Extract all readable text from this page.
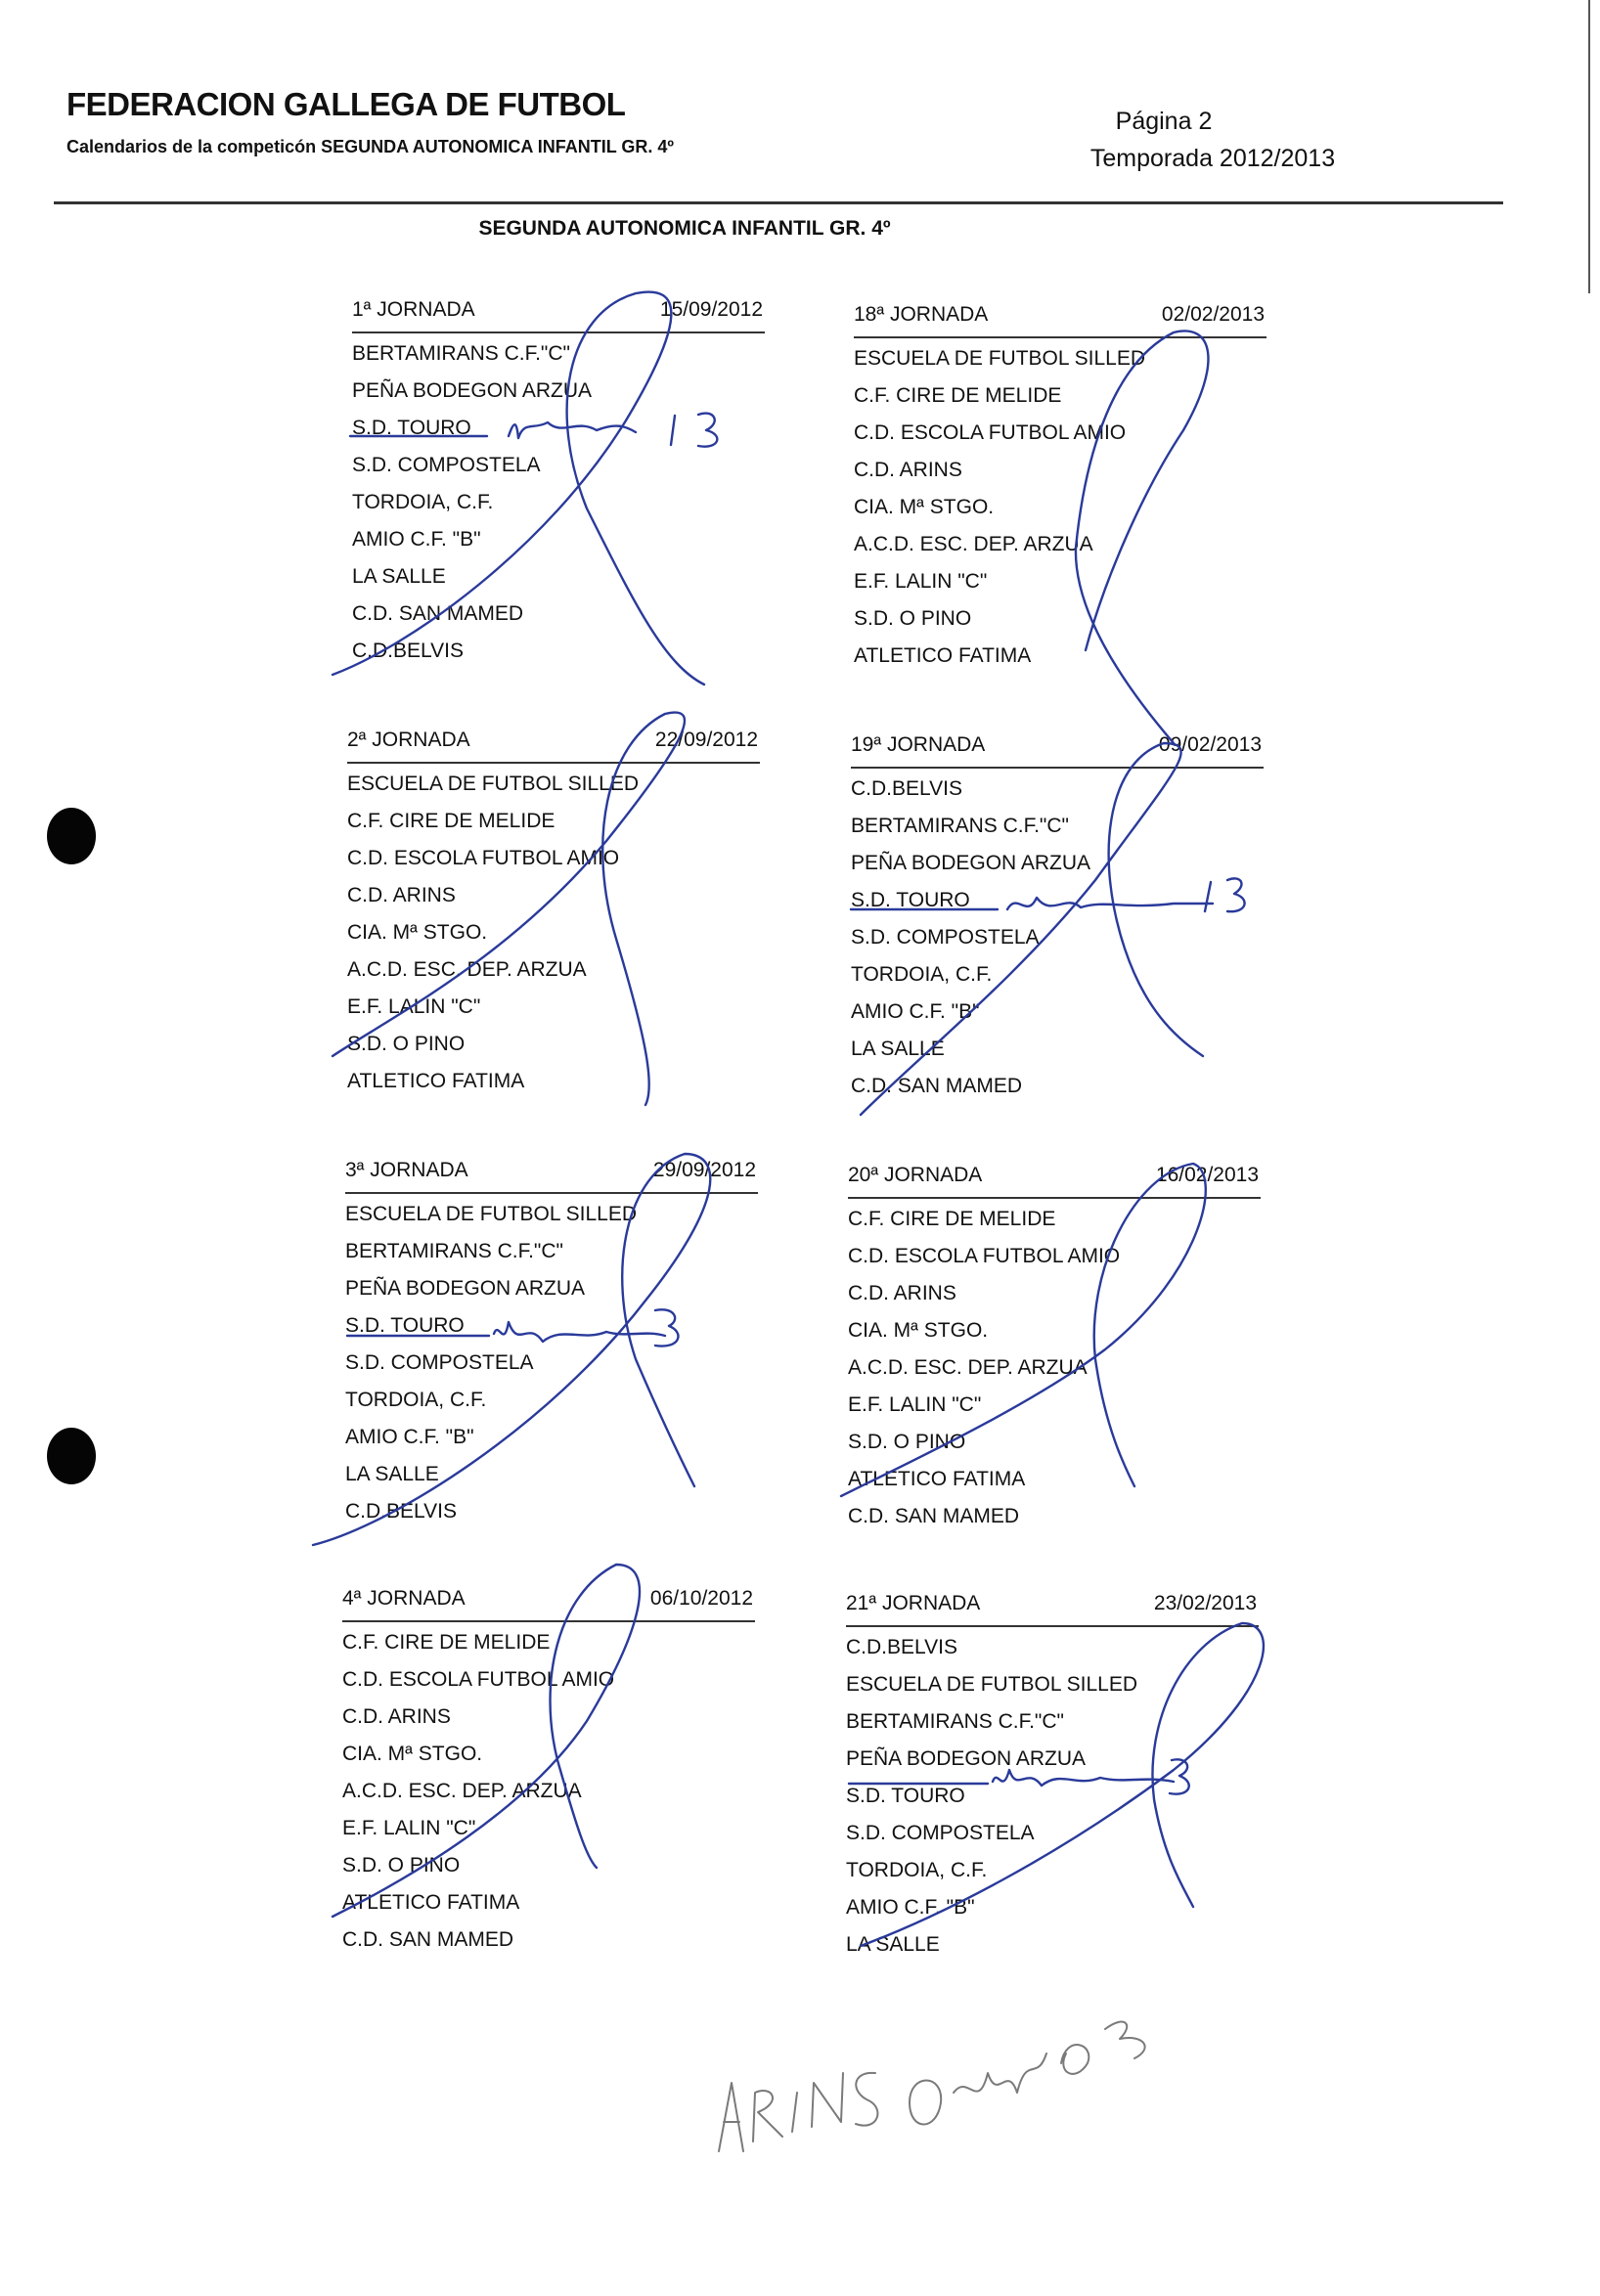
FEDERACION GALLEGA DE FUTBOL
Calendarios de la competicón SEGUNDA AUTONOMICA INFANTIL GR. 4º
Página 2
Temporada 2012/2013
SEGUNDA AUTONOMICA INFANTIL GR. 4º
1ª JORNADA	15/09/2012
BERTAMIRANS C.F."C"
PEÑA BODEGON ARZUA
S.D. TOURO
S.D. COMPOSTELA
TORDOIA, C.F.
AMIO C.F. "B"
LA SALLE
C.D. SAN MAMED
C.D.BELVIS
18ª JORNADA	02/02/2013
ESCUELA DE FUTBOL SILLED
C.F. CIRE DE MELIDE
C.D. ESCOLA FUTBOL AMIO
C.D. ARINS
CIA. Mª STGO.
A.C.D. ESC. DEP. ARZUA
E.F. LALIN "C"
S.D. O PINO
ATLETICO FATIMA
2ª JORNADA	22/09/2012
ESCUELA DE FUTBOL SILLED
C.F. CIRE DE MELIDE
C.D. ESCOLA FUTBOL AMIO
C.D. ARINS
CIA. Mª STGO.
A.C.D. ESC. DEP. ARZUA
E.F. LALIN "C"
S.D. O PINO
ATLETICO FATIMA
19ª JORNADA	09/02/2013
C.D.BELVIS
BERTAMIRANS C.F."C"
PEÑA BODEGON ARZUA
S.D. TOURO
S.D. COMPOSTELA
TORDOIA, C.F.
AMIO C.F. "B"
LA SALLE
C.D. SAN MAMED
3ª JORNADA	29/09/2012
ESCUELA DE FUTBOL SILLED
BERTAMIRANS C.F."C"
PEÑA BODEGON ARZUA
S.D. TOURO
S.D. COMPOSTELA
TORDOIA, C.F.
AMIO C.F. "B"
LA SALLE
C.D.BELVIS
20ª JORNADA	16/02/2013
C.F. CIRE DE MELIDE
C.D. ESCOLA FUTBOL AMIO
C.D. ARINS
CIA. Mª STGO.
A.C.D. ESC. DEP. ARZUA
E.F. LALIN "C"
S.D. O PINO
ATLETICO FATIMA
C.D. SAN MAMED
4ª JORNADA	06/10/2012
C.F. CIRE DE MELIDE
C.D. ESCOLA FUTBOL AMIO
C.D. ARINS
CIA. Mª STGO.
A.C.D. ESC. DEP. ARZUA
E.F. LALIN "C"
S.D. O PINO
ATLETICO FATIMA
C.D. SAN MAMED
21ª JORNADA	23/02/2013
C.D.BELVIS
ESCUELA DE FUTBOL SILLED
BERTAMIRANS C.F."C"
PEÑA BODEGON ARZUA
S.D. TOURO
S.D. COMPOSTELA
TORDOIA, C.F.
AMIO C.F. "B"
LA SALLE
